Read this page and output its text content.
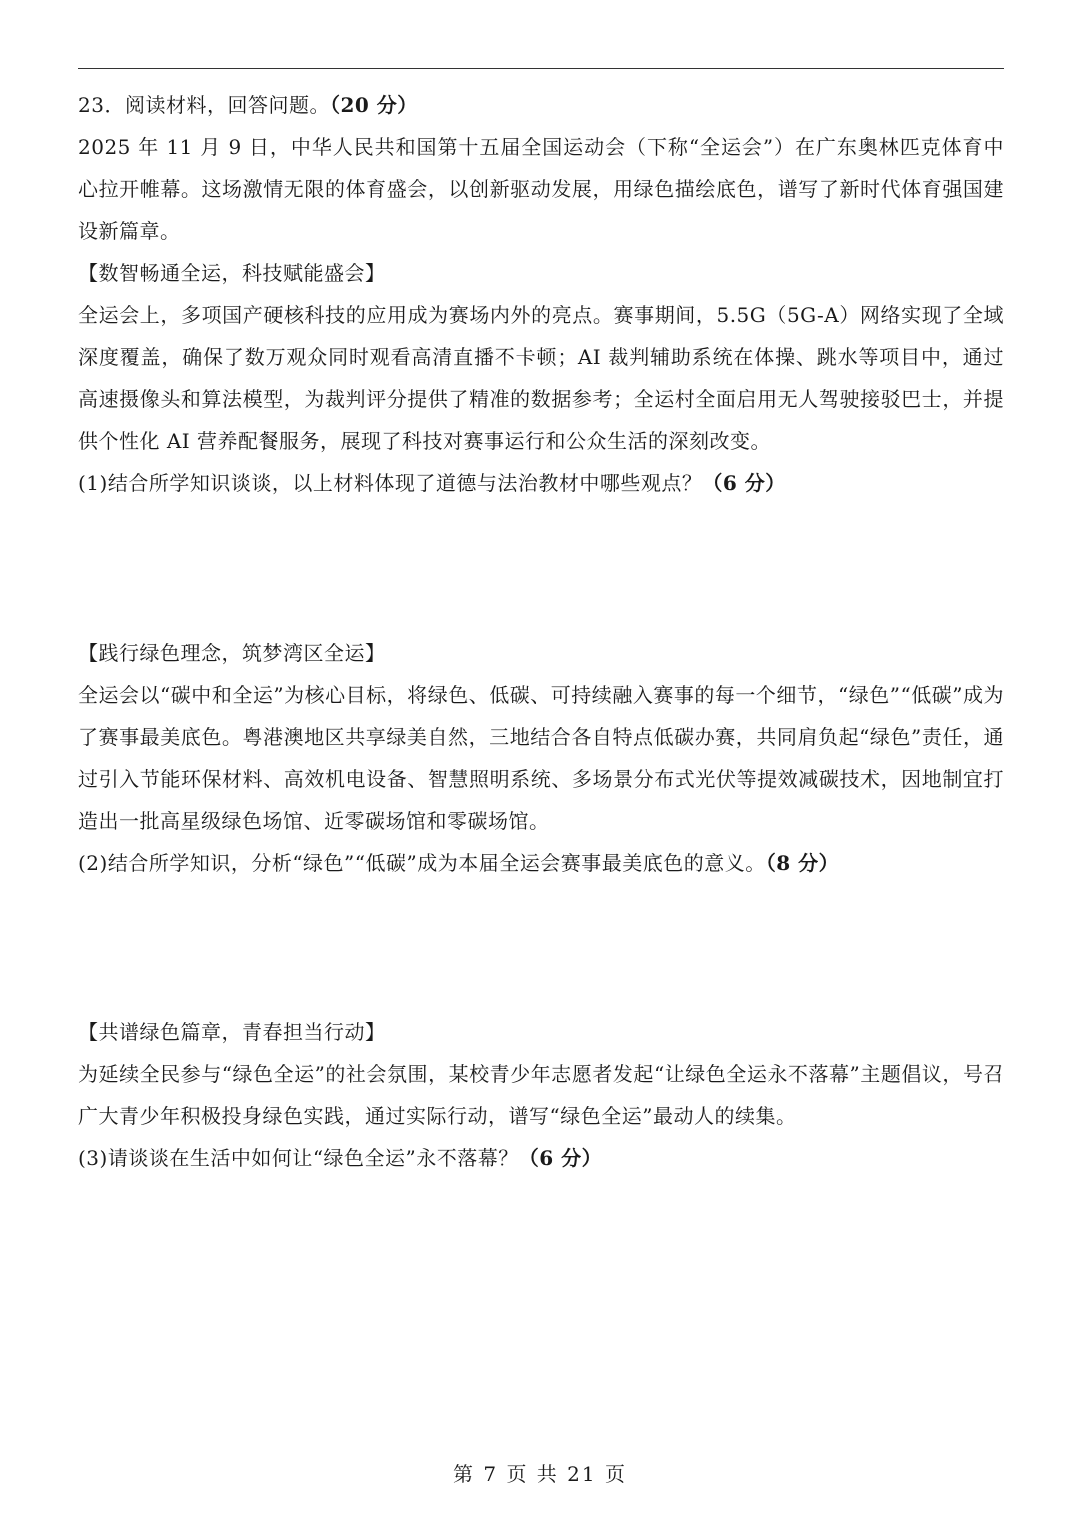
23．阅读材料，回答问题。（20 分）

2025 年 11 月 9 日，中华人民共和国第十五届全国运动会（下称“全运会”）在广东奥林匹克体育中心拉开帷幕。这场激情无限的体育盛会，以创新驱动发展，用绿色描绘底色，谱写了新时代体育强国建设新篇章。

【数智畅通全运，科技赋能盛会】

全运会上，多项国产硬核科技的应用成为赛场内外的亮点。赛事期间，5.5G（5G-A）网络实现了全域深度覆盖，确保了数万观众同时观看高清直播不卡顿；AI 裁判辅助系统在体操、跳水等项目中，通过高速摄像头和算法模型，为裁判评分提供了精准的数据参考；全运村全面启用无人驾驶接驳巴士，并提供个性化 AI 营养配餐服务，展现了科技对赛事运行和公众生活的深刻改变。

(1)结合所学知识谈谈，以上材料体现了道德与法治教材中哪些观点？（6 分）

【践行绿色理念，筑梦湾区全运】

全运会以“碳中和全运”为核心目标，将绿色、低碳、可持续融入赛事的每一个细节，“绿色”“低碳”成为了赛事最美底色。粤港澳地区共享绿美自然，三地结合各自特点低碳办赛，共同肩负起“绿色”责任，通过引入节能环保材料、高效机电设备、智慧照明系统、多场景分布式光伏等提效减碳技术，因地制宜打造出一批高星级绿色场馆、近零碳场馆和零碳场馆。

(2)结合所学知识，分析“绿色”“低碳”成为本届全运会赛事最美底色的意义。（8 分）

【共谱绿色篇章，青春担当行动】

为延续全民参与“绿色全运”的社会氛围，某校青少年志愿者发起“让绿色全运永不落幕”主题倡议，号召广大青少年积极投身绿色实践，通过实际行动，谱写“绿色全运”最动人的续集。

(3)请谈谈在生活中如何让“绿色全运”永不落幕？（6 分）

第 7 页 共 21 页
